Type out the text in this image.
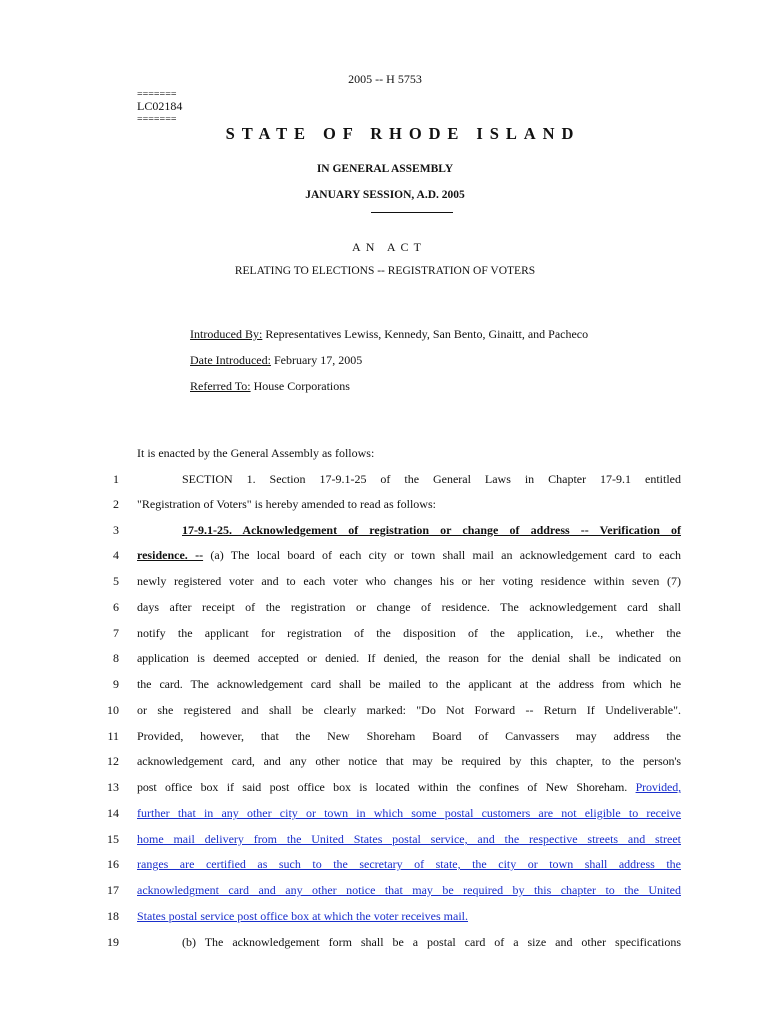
2005 -- H 5753
=======
LC02184
=======
STATE OF RHODE ISLAND
IN GENERAL ASSEMBLY
JANUARY SESSION, A.D. 2005
AN ACT
RELATING TO ELECTIONS -- REGISTRATION OF VOTERS
Introduced By: Representatives Lewiss, Kennedy, San Bento, Ginaitt, and Pacheco
Date Introduced: February 17, 2005
Referred To: House Corporations
It is enacted by the General Assembly as follows:
1	SECTION 1. Section 17-9.1-25 of the General Laws in Chapter 17-9.1 entitled
2 "Registration of Voters" is hereby amended to read as follows:
3	17-9.1-25. Acknowledgement of registration or change of address -- Verification of
4 residence. -- (a) The local board of each city or town shall mail an acknowledgement card to each
5 newly registered voter and to each voter who changes his or her voting residence within seven (7)
6 days after receipt of the registration or change of residence. The acknowledgement card shall
7 notify the applicant for registration of the disposition of the application, i.e., whether the
8 application is deemed accepted or denied. If denied, the reason for the denial shall be indicated on
9 the card. The acknowledgement card shall be mailed to the applicant at the address from which he
10 or she registered and shall be clearly marked: "Do Not Forward -- Return If Undeliverable".
11 Provided, however, that the New Shoreham Board of Canvassers may address the
12 acknowledgement card, and any other notice that may be required by this chapter, to the person's
13 post office box if said post office box is located within the confines of New Shoreham. Provided,
14 further that in any other city or town in which some postal customers are not eligible to receive
15 home mail delivery from the United States postal service, and the respective streets and street
16 ranges are certified as such to the secretary of state, the city or town shall address the
17 acknowledgment card and any other notice that may be required by this chapter to the United
18 States postal service post office box at which the voter receives mail.
19	(b) The acknowledgement form shall be a postal card of a size and other specifications
